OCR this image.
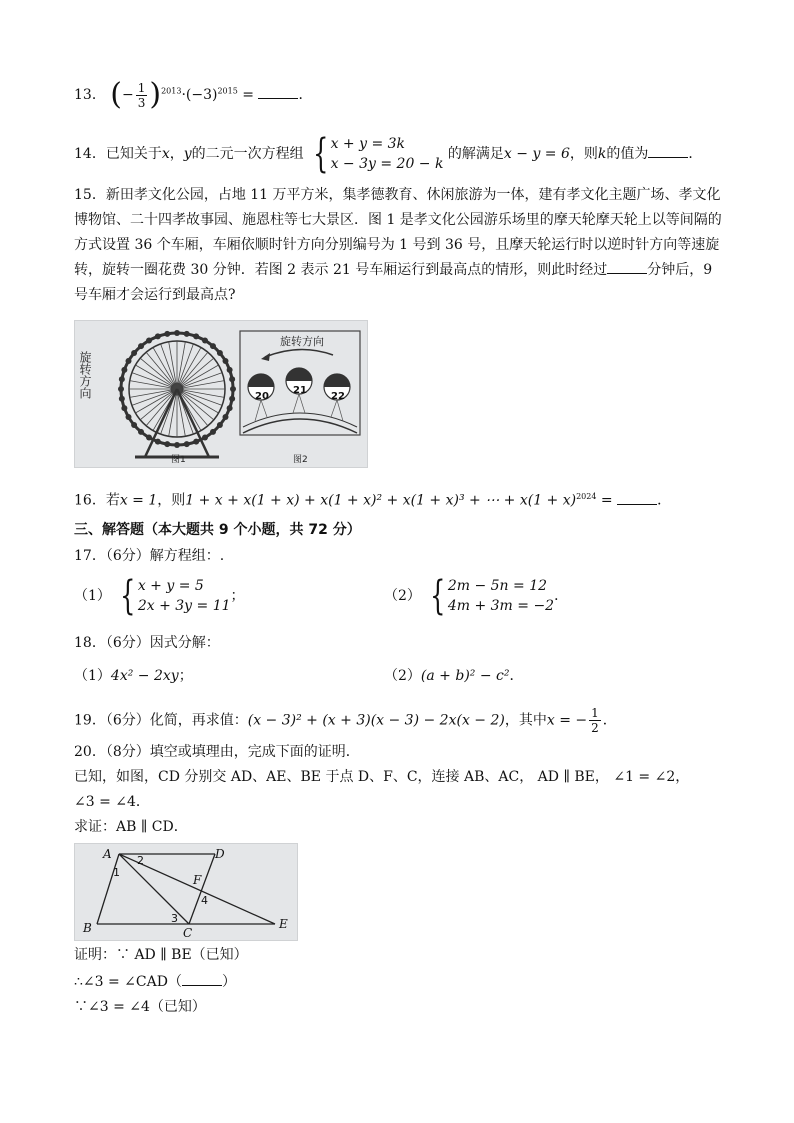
13． (− $\frac{1}{3} )^{2013}\cdot(-3)^{2015}$ =	．
14．已知关于x，y的二元一次方程组 { x + y = 3k
x − 3y = 20 − k
的解满足x − y = 6，则k的值为	．
15．新田孝文化公园，占地 11 万平方米，集孝德教育、休闲旅游为一体，建有孝文化主题广场、孝文化博物馆、二十四孝故事园、施恩柱等七大景区．图 1 是孝文化公园游乐场里的摩天轮摩天轮上以等间隔的方式设置 36 个车厢，车厢依顺时针方向分别编号为 1 号到 36 号，且摩天轮运行时以逆时针方向等速旋转，旋转一圈花费 30 分钟．若图 2 表示 21 号车厢运行到最高点的情形，则此时经过	分钟后，9 号车厢才会运行到最高点?
旋转方向
图1
旋转方向
20
21
22
图2
16．若x = 1，则1 + x + x(1 + x) + x(1 + x)² + x(1 + x)³ + ⋯ + $x(1 + x)^{2024}$ =	．
三、解答题（本大题共 9 个小题，共 72 分）
17．（6分）解方程组：.
（1） { x + y = 5
2x + 3y = 11
；	（2） { 2m − 5n = 12
4m + 3m = −2
．
18．（6分）因式分解：
（1）4x² − 2xy；	（2）(a + b)² − c²．
19．（6分）化简，再求值：(x − 3)² + (x + 3)(x − 3) − 2x(x − 2)，其中x = − $\frac{1}{2}$ ．
20．（8分）填空或填理由，完成下面的证明．
已知，如图，CD 分别交 AD、AE、BE 于点 D、F、C，连接 AB、AC， AD ∥ BE， ∠1 = ∠2，
∠3 = ∠4．
求证：AB ∥ CD．
A	D
B	C
E
F
1
2
3
4
证明：∵ AD ∥ BE（已知）
∴∠3 = ∠CAD（	）
∵∠3 = ∠4（已知）
